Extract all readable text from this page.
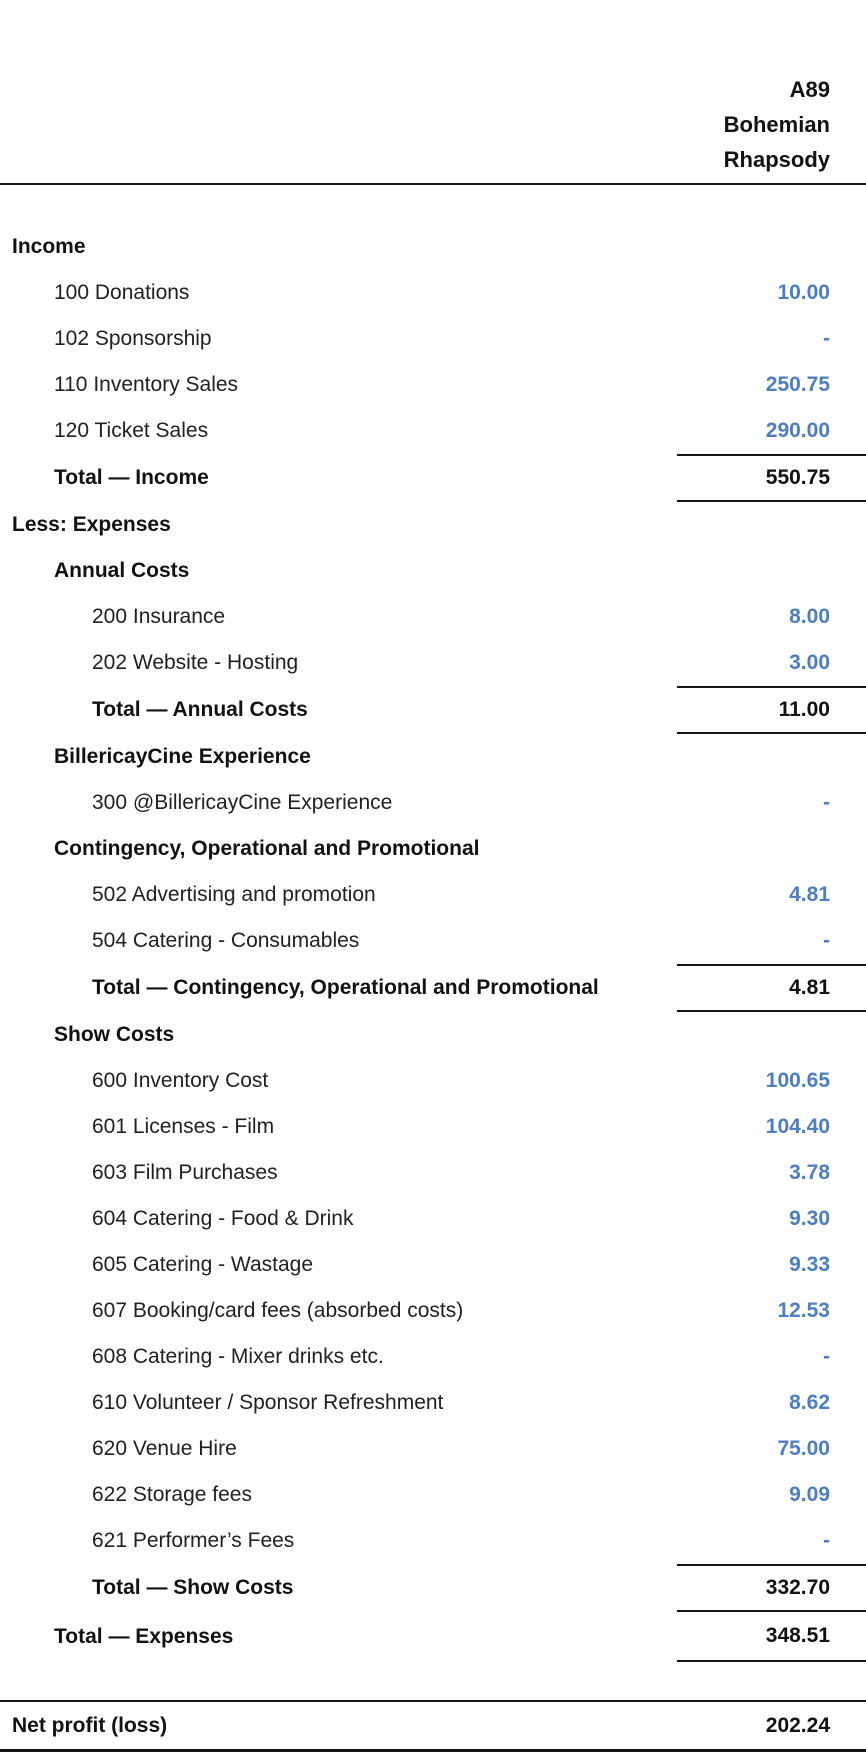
A89
Bohemian
Rhapsody
Income
100 Donations	10.00
102 Sponsorship	-
110 Inventory Sales	250.75
120 Ticket Sales	290.00
Total — Income	550.75
Less: Expenses
Annual Costs
200 Insurance	8.00
202 Website - Hosting	3.00
Total — Annual Costs	11.00
BillericayCine Experience
300 @BillericayCine Experience	-
Contingency, Operational and Promotional
502 Advertising and promotion	4.81
504 Catering - Consumables	-
Total — Contingency, Operational and Promotional	4.81
Show Costs
600 Inventory Cost	100.65
601 Licenses - Film	104.40
603 Film Purchases	3.78
604 Catering - Food & Drink	9.30
605 Catering - Wastage	9.33
607 Booking/card fees (absorbed costs)	12.53
608 Catering - Mixer drinks etc.	-
610 Volunteer / Sponsor Refreshment	8.62
620 Venue Hire	75.00
622 Storage fees	9.09
621 Performer’s Fees	-
Total — Show Costs	332.70
Total — Expenses	348.51
Net profit (loss)	202.24
